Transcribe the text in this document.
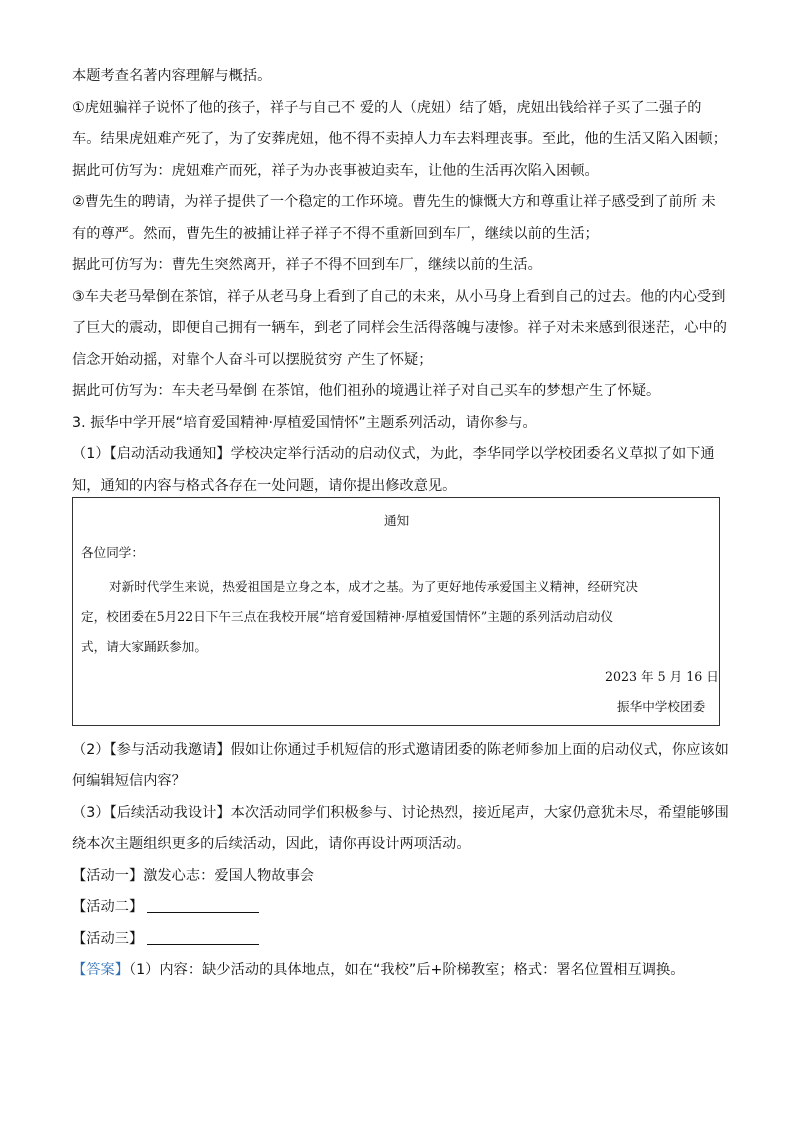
本题考查名著内容理解与概括。
①虎妞骗祥子说怀了他的孩子，祥子与自己不 爱的人（虎妞）结了婚，虎妞出钱给祥子买了二强子的
车。结果虎妞难产死了，为了安葬虎妞，他不得不卖掉人力车去料理丧事。至此，他的生活又陷入困顿；
据此可仿写为：虎妞难产而死，祥子为办丧事被迫卖车，让他的生活再次陷入困顿。
②曹先生的聘请，为祥子提供了一个稳定的工作环境。曹先生的慷慨大方和尊重让祥子感受到了前所 未
有的尊严。然而，曹先生的被捕让祥子祥子不得不重新回到车厂，继续以前的生活；
据此可仿写为：曹先生突然离开，祥子不得不回到车厂，继续以前的生活。
③车夫老马晕倒在茶馆，祥子从老马身上看到了自己的未来，从小马身上看到自己的过去。他的内心受到
了巨大的震动，即便自己拥有一辆车，到老了同样会生活得落魄与凄惨。祥子对未来感到很迷茫，心中的
信念开始动摇，对靠个人奋斗可以摆脱贫穷 产生了怀疑；
据此可仿写为：车夫老马晕倒 在茶馆，他们祖孙的境遇让祥子对自己买车的梦想产生了怀疑。
3. 振华中学开展“培育爱国精神·厚植爱国情怀”主题系列活动，请你参与。
（1）【启动活动我通知】学校决定举行活动的启动仪式，为此，李华同学以学校团委名义草拟了如下通
知，通知的内容与格式各存在一处问题，请你提出修改意见。
通知
各位同学：
对新时代学生来说，热爱祖国是立身之本，成才之基。为了更好地传承爱国主义精神，经研究决
定，校团委在5月22日下午三点在我校开展“培育爱国精神·厚植爱国情怀”主题的系列活动启动仪
式，请大家踊跃参加。
2023 年 5 月 16 日
振华中学校团委
（2）【参与活动我邀请】假如让你通过手机短信的形式邀请团委的陈老师参加上面的启动仪式，你应该如
何编辑短信内容？
（3）【后续活动我设计】本次活动同学们积极参与、讨论热烈，接近尾声，大家仍意犹未尽，希望能够围
绕本次主题组织更多的后续活动，因此，请你再设计两项活动。
【活动一】激发心志：爱国人物故事会
【活动二】
【活动三】
【答案】（1）内容：缺少活动的具体地点，如在“我校”后+阶梯教室；格式：署名位置相互调换。
